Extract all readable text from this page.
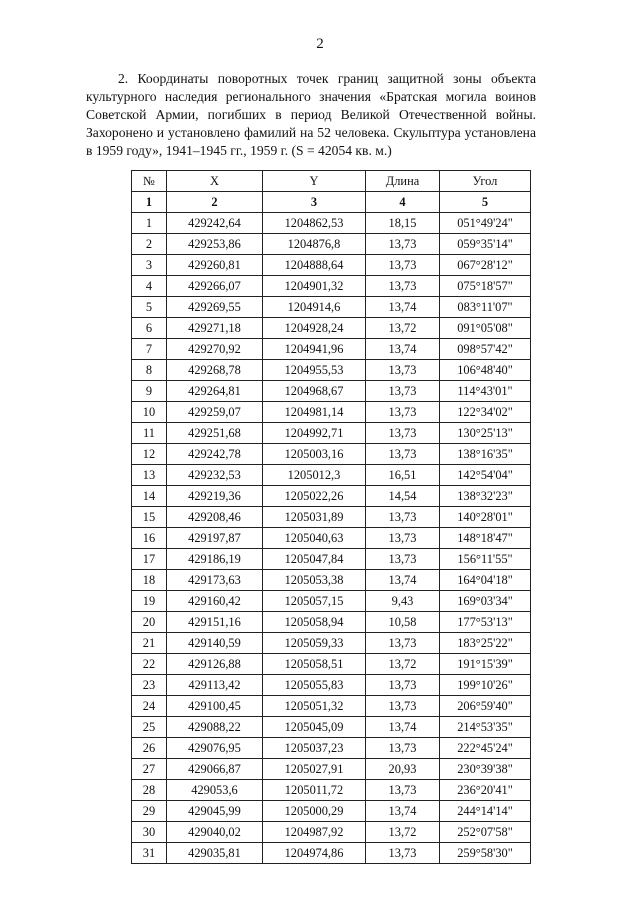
2

2. Координаты поворотных точек границ защитной зоны объекта культурного наследия регионального значения «Братская могила воинов Советской Армии, погибших в период Великой Отечественной войны. Захоронено и установлено фамилий на 52 человека. Скульптура установлена в 1959 году», 1941–1945 гг., 1959 г. (S = 42054 кв. м.)

№	X	Y	Длина	Угол
1	2	3	4	5
1	429242,64	1204862,53	18,15	051°49'24"
2	429253,86	1204876,8	13,73	059°35'14"
3	429260,81	1204888,64	13,73	067°28'12"
4	429266,07	1204901,32	13,73	075°18'57"
5	429269,55	1204914,6	13,74	083°11'07"
6	429271,18	1204928,24	13,72	091°05'08"
7	429270,92	1204941,96	13,74	098°57'42"
8	429268,78	1204955,53	13,73	106°48'40"
9	429264,81	1204968,67	13,73	114°43'01"
10	429259,07	1204981,14	13,73	122°34'02"
11	429251,68	1204992,71	13,73	130°25'13"
12	429242,78	1205003,16	13,73	138°16'35"
13	429232,53	1205012,3	16,51	142°54'04"
14	429219,36	1205022,26	14,54	138°32'23"
15	429208,46	1205031,89	13,73	140°28'01"
16	429197,87	1205040,63	13,73	148°18'47"
17	429186,19	1205047,84	13,73	156°11'55"
18	429173,63	1205053,38	13,74	164°04'18"
19	429160,42	1205057,15	9,43	169°03'34"
20	429151,16	1205058,94	10,58	177°53'13"
21	429140,59	1205059,33	13,73	183°25'22"
22	429126,88	1205058,51	13,72	191°15'39"
23	429113,42	1205055,83	13,73	199°10'26"
24	429100,45	1205051,32	13,73	206°59'40"
25	429088,22	1205045,09	13,74	214°53'35"
26	429076,95	1205037,23	13,73	222°45'24"
27	429066,87	1205027,91	20,93	230°39'38"
28	429053,6	1205011,72	13,73	236°20'41"
29	429045,99	1205000,29	13,74	244°14'14"
30	429040,02	1204987,92	13,72	252°07'58"
31	429035,81	1204974,86	13,73	259°58'30"
